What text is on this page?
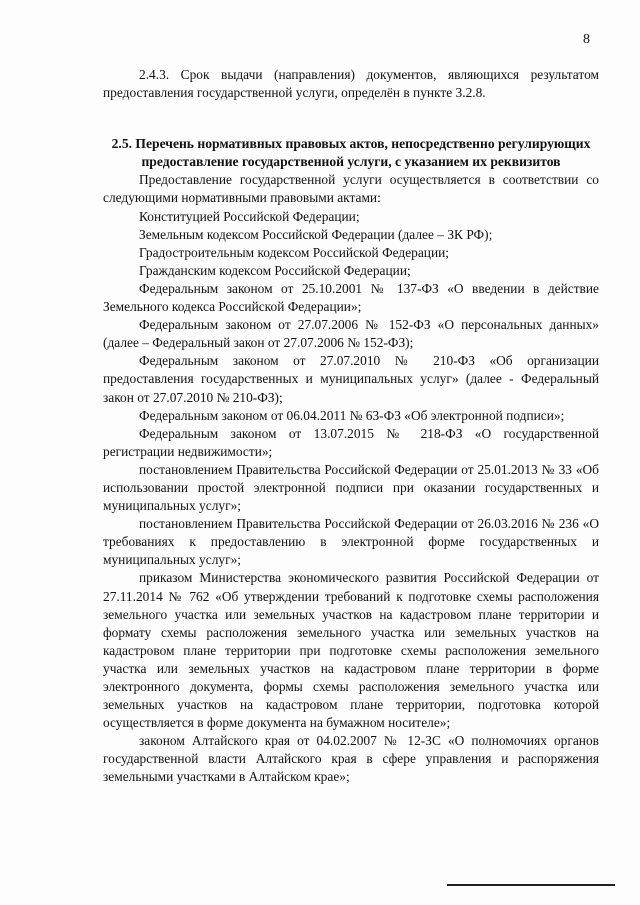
8

2.4.3. Срок выдачи (направления) документов, являющихся результатом предоставления государственной услуги, определён в пункте 3.2.8.

2.5. Перечень нормативных правовых актов, непосредственно регулирующих предоставление государственной услуги, с указанием их реквизитов

Предоставление государственной услуги осуществляется в соответствии со следующими нормативными правовыми актами:

Конституцией Российской Федерации;

Земельным кодексом Российской Федерации (далее – ЗК РФ);

Градостроительным кодексом Российской Федерации;

Гражданским кодексом Российской Федерации;

Федеральным законом от 25.10.2001 № 137-ФЗ «О введении в действие Земельного кодекса Российской Федерации»;

Федеральным законом от 27.07.2006 № 152-ФЗ «О персональных данных» (далее – Федеральный закон от 27.07.2006 № 152-ФЗ);

Федеральным законом от 27.07.2010 № 210-ФЗ «Об организации предоставления государственных и муниципальных услуг» (далее - Федеральный закон от 27.07.2010 № 210-ФЗ);

Федеральным законом от 06.04.2011 № 63-ФЗ «Об электронной подписи»;

Федеральным законом от 13.07.2015 № 218-ФЗ «О государственной регистрации недвижимости»;

постановлением Правительства Российской Федерации от 25.01.2013 № 33 «Об использовании простой электронной подписи при оказании государственных и муниципальных услуг»;

постановлением Правительства Российской Федерации от 26.03.2016 № 236 «О требованиях к предоставлению в электронной форме государственных и муниципальных услуг»;

приказом Министерства экономического развития Российской Федерации от 27.11.2014 № 762 «Об утверждении требований к подготовке схемы расположения земельного участка или земельных участков на кадастровом плане территории и формату схемы расположения земельного участка или земельных участков на кадастровом плане территории при подготовке схемы расположения земельного участка или земельных участков на кадастровом плане территории в форме электронного документа, формы схемы расположения земельного участка или земельных участков на кадастровом плане территории, подготовка которой осуществляется в форме документа на бумажном носителе»;

законом Алтайского края от 04.02.2007 № 12-ЗС «О полномочиях органов государственной власти Алтайского края в сфере управления и распоряжения земельными участками в Алтайском крае»;
